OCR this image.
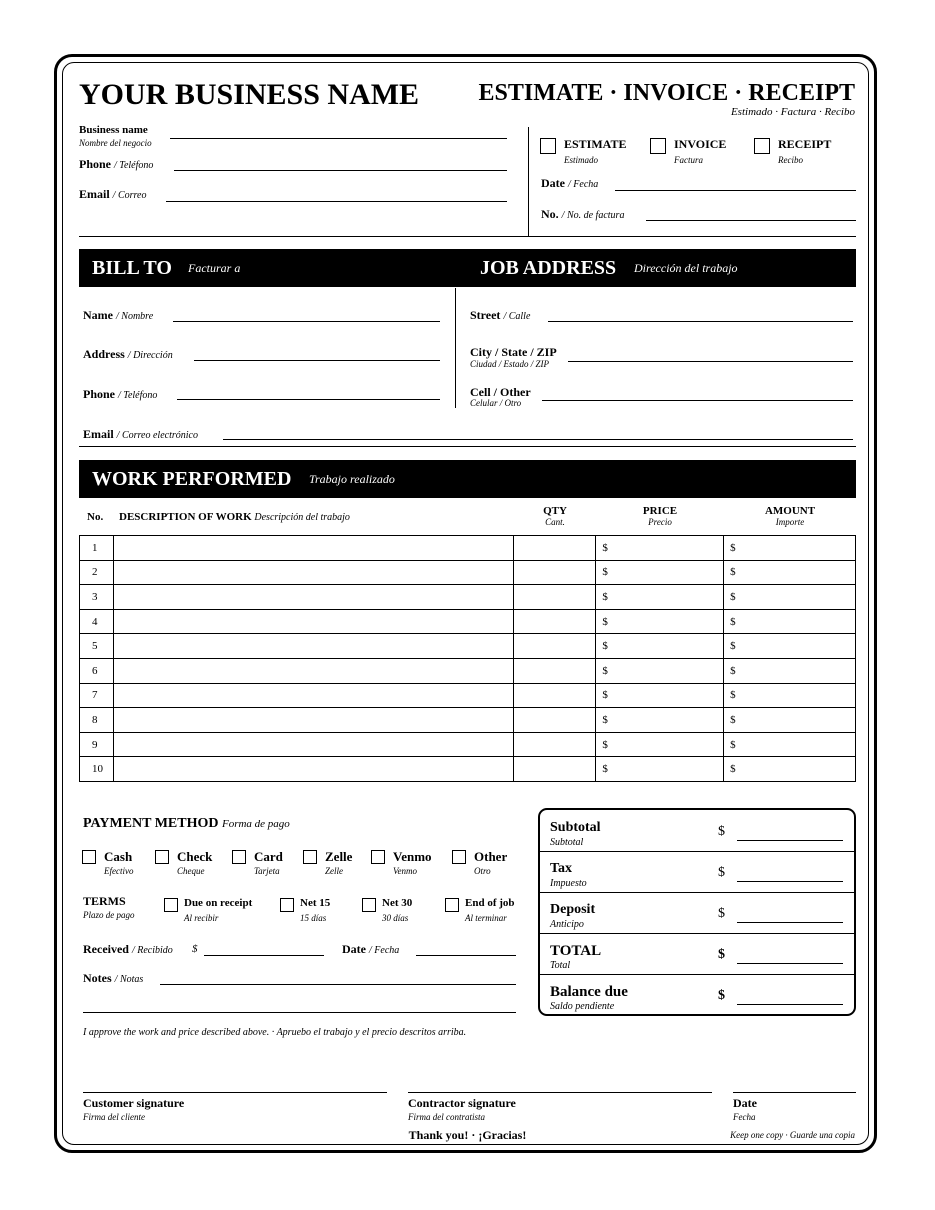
YOUR BUSINESS NAME ESTIMATE · INVOICE · RECEIPT
Estimado · Factura · Recibo
Business name
Nombre del negocio
Phone / Teléfono
Email / Correo
ESTIMATE
Estimado
INVOICE
Factura
RECEIPT
Recibo
Date / Fecha
No. / No. de factura
BILL TO Facturar a	JOB ADDRESS Dirección del trabajo
Name / Nombre
Address / Dirección
Phone / Teléfono
Street / Calle
City / State / ZIP
Ciudad / Estado / ZIP
Cell / Other
Celular / Otro
Email / Correo electrónico
WORK PERFORMED Trabajo realizado
No. DESCRIPTION OF WORK Descripción del trabajo
QTY
Cant.
PRICE
Precio
AMOUNT
Importe
1			$	$
2			$	$
3			$	$
4			$	$
5			$	$
6			$	$
7			$	$
8			$	$
9			$	$
10			$	$
PAYMENT METHOD Forma de pago
Cash
Efectivo
Check
Cheque
Card
Tarjeta
Zelle
Zelle
Venmo
Venmo
Other
Otro
TERMS
Plazo de pago
Due on receipt
Al recibir
Net 15
15 días
Net 30
30 días
End of job
Al terminar
Received / Recibido $	Date / Fecha
Notes / Notas
Subtotal
Subtotal
$
Tax
Impuesto
$
Deposit
Anticipo
$
TOTAL
Total
$
Balance due
Saldo pendiente
$
I approve the work and price described above. · Apruebo el trabajo y el precio descritos arriba.
Customer signature
Firma del cliente
Contractor signature
Firma del contratista
Date
Fecha
Thank you! · ¡Gracias!	Keep one copy · Guarde una copia
